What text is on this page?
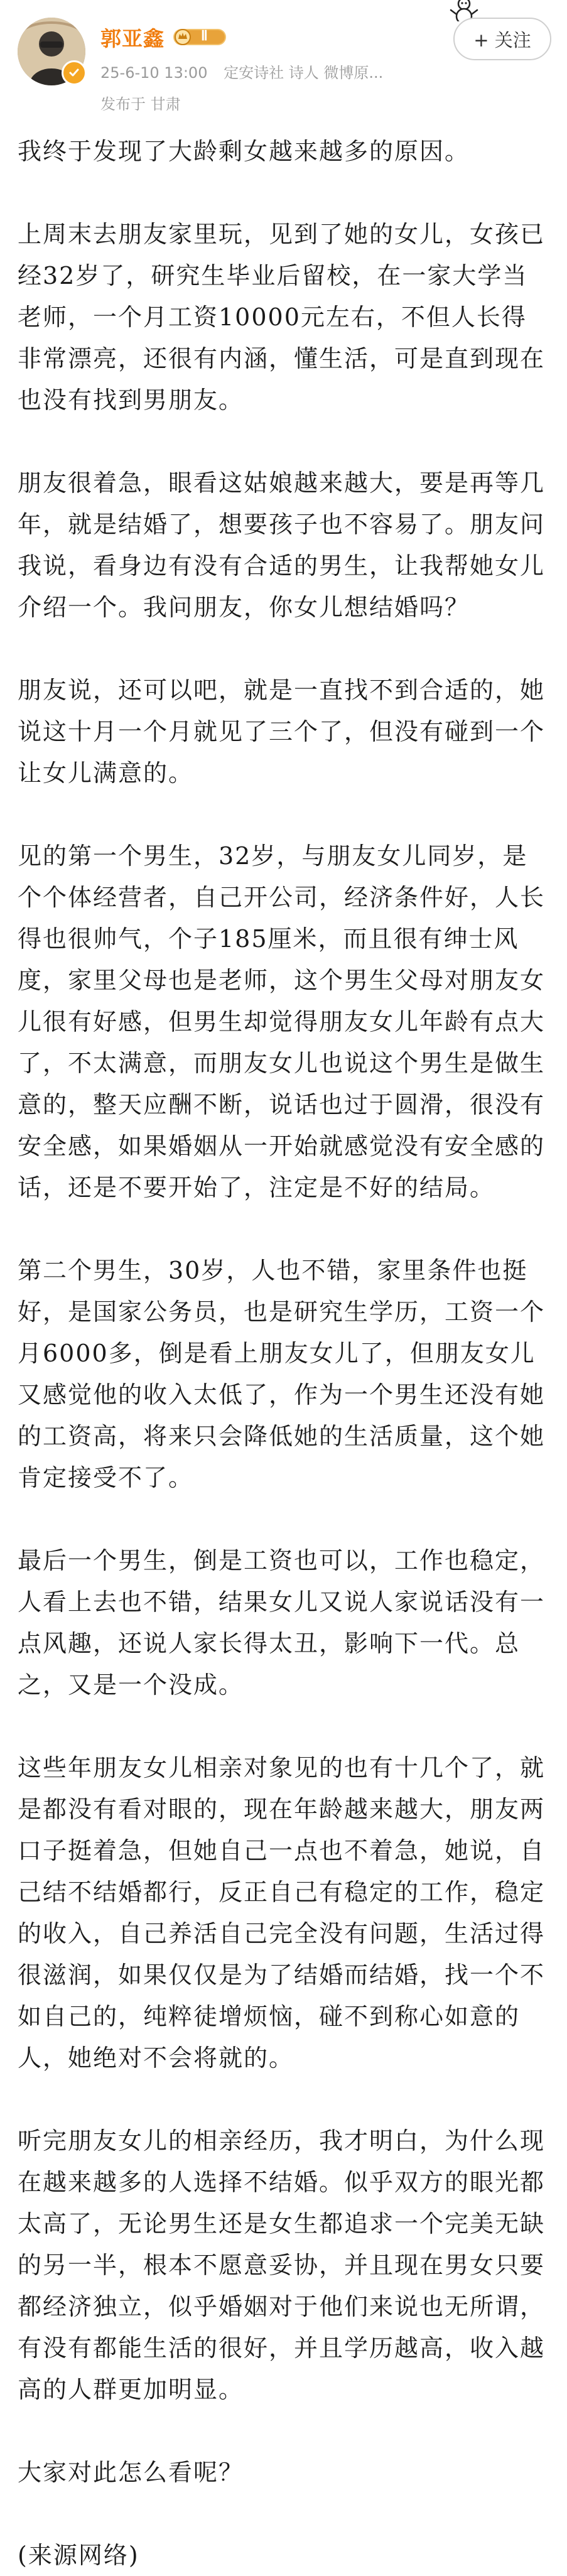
郭亚鑫	Ⅱ
25-6-10 13:00 定安诗社 诗人 微博原...
发布于 甘肃
+ 关注

我终于发现了大龄剩女越来越多的原因。

上周末去朋友家里玩，见到了她的女儿，女孩已经32岁了，研究生毕业后留校，在一家大学当老师，一个月工资10000元左右，不但人长得非常漂亮，还很有内涵，懂生活，可是直到现在也没有找到男朋友。

朋友很着急，眼看这姑娘越来越大，要是再等几年，就是结婚了，想要孩子也不容易了。朋友问我说，看身边有没有合适的男生，让我帮她女儿介绍一个。我问朋友，你女儿想结婚吗？

朋友说，还可以吧，就是一直找不到合适的，她说这十月一个月就见了三个了，但没有碰到一个让女儿满意的。

见的第一个男生，32岁，与朋友女儿同岁，是个个体经营者，自己开公司，经济条件好，人长得也很帅气，个子185厘米，而且很有绅士风度，家里父母也是老师，这个男生父母对朋友女儿很有好感，但男生却觉得朋友女儿年龄有点大了，不太满意，而朋友女儿也说这个男生是做生意的，整天应酬不断，说话也过于圆滑，很没有安全感，如果婚姻从一开始就感觉没有安全感的话，还是不要开始了，注定是不好的结局。

第二个男生，30岁，人也不错，家里条件也挺好，是国家公务员，也是研究生学历，工资一个月6000多，倒是看上朋友女儿了，但朋友女儿又感觉他的收入太低了，作为一个男生还没有她的工资高，将来只会降低她的生活质量，这个她肯定接受不了。

最后一个男生，倒是工资也可以，工作也稳定，人看上去也不错，结果女儿又说人家说话没有一点风趣，还说人家长得太丑，影响下一代。总之，又是一个没成。

这些年朋友女儿相亲对象见的也有十几个了，就是都没有看对眼的，现在年龄越来越大，朋友两口子挺着急，但她自己一点也不着急，她说，自己结不结婚都行，反正自己有稳定的工作，稳定的收入，自己养活自己完全没有问题，生活过得很滋润，如果仅仅是为了结婚而结婚，找一个不如自己的，纯粹徒增烦恼，碰不到称心如意的人，她绝对不会将就的。

听完朋友女儿的相亲经历，我才明白，为什么现在越来越多的人选择不结婚。似乎双方的眼光都太高了，无论男生还是女生都追求一个完美无缺的另一半，根本不愿意妥协，并且现在男女只要都经济独立，似乎婚姻对于他们来说也无所谓，有没有都能生活的很好，并且学历越高，收入越高的人群更加明显。

大家对此怎么看呢？

(来源网络)
